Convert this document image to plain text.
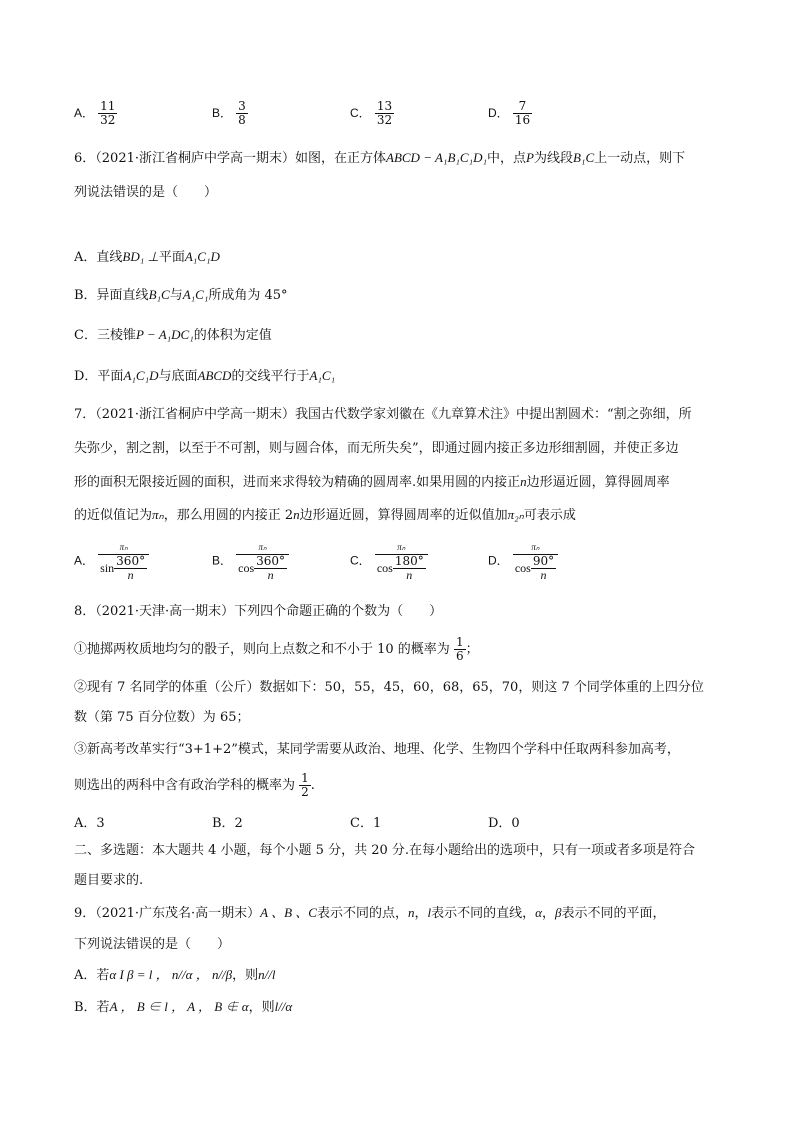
A． $\frac{11}{32}$	B． $\frac{3}{8}$	C． $\frac{13}{32}$	D． $\frac{7}{16}$
6．（2021·浙江省桐庐中学高一期末）如图，在正方体ABCD − A₁B₁C₁D₁中，点P为线段B₁C上一动点，则下
列说法错误的是（　　）
A．直线BD₁ ⊥平面A₁C₁D
B．异面直线B₁C与A₁C₁所成角为 45°
C．三棱锥P − A₁DC₁的体积为定值
D．平面A₁C₁D与底面ABCD的交线平行于A₁C₁
7．（2021·浙江省桐庐中学高一期末）我国古代数学家刘徽在《九章算术注》中提出割圆术：“割之弥细，所
失弥少，割之割，以至于不可割，则与圆合体，而无所失矣”，即通过圆内接正多边形细割圆，并使正多边
形的面积无限接近圆的面积，进而来求得较为精确的圆周率.如果用圆的内接正n边形逼近圆，算得圆周率
的近似值记为πₙ，那么用圆的内接正 2n边形逼近圆，算得圆周率的近似值加π₂ₙ可表示成
A． $\frac{\text{πₙ}}{\sin \frac{360^\circ}{n}}$	B． $\frac{\text{πₙ}}{\cos \frac{360^\circ}{n}}$	C． $\frac{\text{πₙ}}{\cos \frac{180^\circ}{n}}$	D． $\frac{\text{πₙ}}{\cos \frac{90^\circ}{n}}$
8．（2021·天津·高一期末）下列四个命题正确的个数为（　　）
①抛掷两枚质地均匀的骰子，则向上点数之和不小于 10 的概率为 $\frac{1}{6}$ ；
②现有 7 名同学的体重（公斤）数据如下：50，55，45，60，68，65，70，则这 7 个同学体重的上四分位
数（第 75 百分位数）为 65；
③新高考改革实行“3+1+2”模式，某同学需要从政治、地理、化学、生物四个学科中任取两科参加高考，
则选出的两科中含有政治学科的概率为 $\frac{1}{2}$ .
A．3	B．2	C．1	D．0
二、多选题：本大题共 4 小题，每个小题 5 分，共 20 分.在每小题给出的选项中，只有一项或者多项是符合
题目要求的.
9．（2021·广东茂名·高一期末）A 、B 、C表示不同的点，n，l表示不同的直线，α，β表示不同的平面，
下列说法错误的是（　　）
A．若α I β = l ， n//α ， n//β，则n//l
B．若A ， B ∈ l ， A ， B ∉ α，则l//α
